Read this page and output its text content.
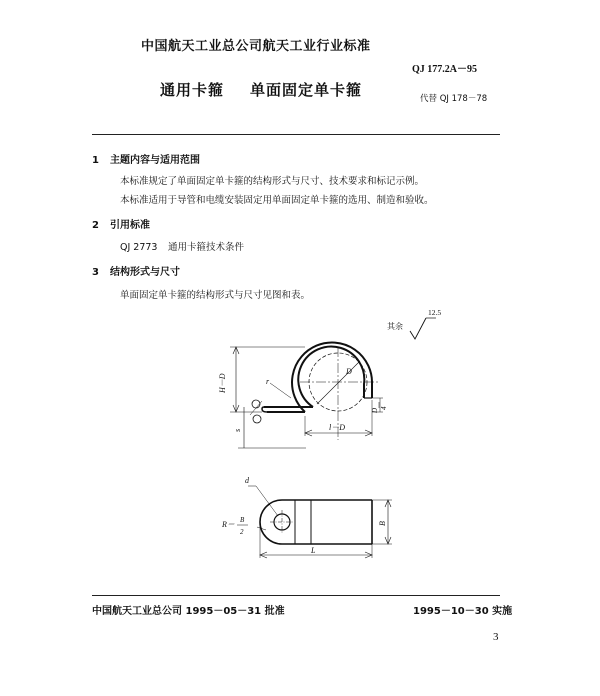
中国航天工业总公司航天工业行业标准
QJ 177.2A－95
通用卡箍 单面固定单卡箍	代替 QJ 178－78
1 主题内容与适用范围
本标准规定了单面固定单卡箍的结构形式与尺寸、技术要求和标记示例。
本标准适用于导管和电缆安装固定用单面固定单卡箍的选用、制造和验收。
2 引用标准
QJ 2773 通用卡箍技术条件
3 结构形式与尺寸
单面固定单卡箍的结构形式与尺寸见图和表。
12.5
其余
H－D	r
D
s
D 4
l－D
d
R＝ B
2
B
L
中国航天工业总公司 1995－05－31 批准	1995－10－30 实施
3
